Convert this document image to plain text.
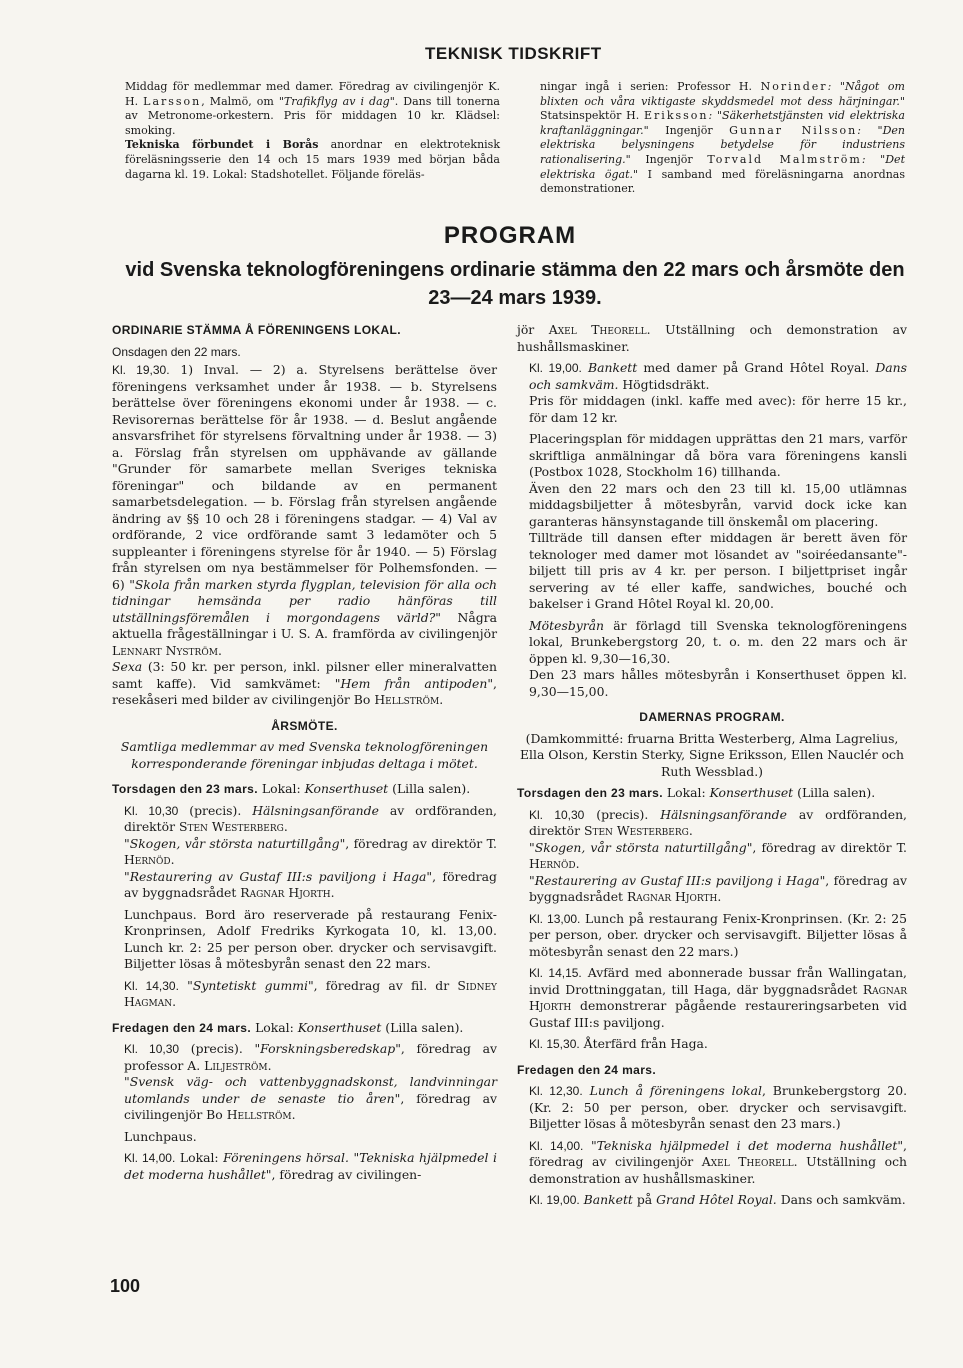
TEKNISK TIDSKRIFT

Middag för medlemmar med damer. Föredrag av civilingenjör K. H. Larsson, Malmö, om "Trafikflyg av i dag". Dans till tonerna av Metronome-orkestern. Pris för middagen 10 kr. Klädsel: smoking.

Tekniska förbundet i Borås anordnar en elektroteknisk föreläsningsserie den 14 och 15 mars 1939 med början båda dagarna kl. 19. Lokal: Stadshotellet. Följande föreläs-

ningar ingå i serien: Professor H. Norinder: "Något om blixten och våra viktigaste skyddsmedel mot dess härjningar." Statsinspektör H. Eriksson: "Säkerhetstjänsten vid elektriska kraftanläggningar." Ingenjör Gunnar Nilsson: "Den elektriska belysningens betydelse för industriens rationalisering." Ingenjör Torvald Malmström: "Det elektriska ögat." I samband med föreläsningarna anordnas demonstrationer.

PROGRAM
vid Svenska teknologföreningens ordinarie stämma den 22 mars och årsmöte den 23—24 mars 1939.

ORDINARIE STÄMMA Å FÖRENINGENS LOKAL.

Onsdagen den 22 mars.

Kl. 19,30. 1) Inval. — 2) a. Styrelsens berättelse över föreningens verksamhet under år 1938. — b. Styrelsens berättelse över föreningens ekonomi under år 1938. — c. Revisorernas berättelse för år 1938. — d. Beslut angående ansvarsfrihet för styrelsens förvaltning under år 1938. — 3) a. Förslag från styrelsen om upphävande av gällande "Grunder för samarbete mellan Sveriges tekniska föreningar" och bildande av en permanent samarbetsdelegation. — b. Förslag från styrelsen angående ändring av §§ 10 och 28 i föreningens stadgar. — 4) Val av ordförande, 2 vice ordförande samt 3 ledamöter och 5 suppleanter i föreningens styrelse för år 1940. — 5) Förslag från styrelsen om nya bestämmelser för Polhemsfonden. — 6) "Skola från marken styrda flygplan, television för alla och tidningar hemsända per radio hänföras till utställningsföremålen i morgondagens värld?" Några aktuella frågeställningar i U. S. A. framförda av civilingenjör Lennart Nyström.
Sexa (3: 50 kr. per person, inkl. pilsner eller mineralvatten samt kaffe). Vid samkvämet: "Hem från antipoden", resekåseri med bilder av civilingenjör Bo Hellström.

ÅRSMÖTE.

Samtliga medlemmar av med Svenska teknologföreningen korresponderande föreningar inbjudas deltaga i mötet.

Torsdagen den 23 mars. Lokal: Konserthuset (Lilla salen).

Kl. 10,30 (precis). Hälsningsanförande av ordföranden, direktör Sten Westerberg.
"Skogen, vår största naturtillgång", föredrag av direktör T. Hernöd.
"Restaurering av Gustaf III:s paviljong i Haga", föredrag av byggnadsrådet Ragnar Hjorth.

Lunchpaus. Bord äro reserverade på restaurang Fenix-Kronprinsen, Adolf Fredriks Kyrkogata 10, kl. 13,00. Lunch kr. 2: 25 per person ober. drycker och servisavgift. Biljetter lösas å mötesbyrån senast den 22 mars.

Kl. 14,30. "Syntetiskt gummi", föredrag av fil. dr Sidney Hagman.

Fredagen den 24 mars. Lokal: Konserthuset (Lilla salen).

Kl. 10,30 (precis). "Forskningsberedskap", föredrag av professor A. Liljeström.
"Svensk väg- och vattenbyggnadskonst, landvinningar utomlands under de senaste tio åren", föredrag av civilingenjör Bo Hellström.

Lunchpaus.

Kl. 14,00. Lokal: Föreningens hörsal. "Tekniska hjälpmedel i det moderna hushållet", föredrag av civilingen-

jör Axel Theorell. Utställning och demonstration av hushållsmaskiner.

Kl. 19,00. Bankett med damer på Grand Hôtel Royal. Dans och samkväm. Högtidsdräkt.
Pris för middagen (inkl. kaffe med avec): för herre 15 kr., för dam 12 kr.

Placeringsplan för middagen upprättas den 21 mars, varför skriftliga anmälningar då böra vara föreningens kansli (Postbox 1028, Stockholm 16) tillhanda.
Även den 22 mars och den 23 till kl. 15,00 utlämnas middagsbiljetter å mötesbyrån, varvid dock icke kan garanteras hänsynstagande till önskemål om placering.
Tillträde till dansen efter middagen är berett även för teknologer med damer mot lösandet av "soiréedansante"-biljett till pris av 4 kr. per person. I biljettpriset ingår servering av té eller kaffe, sandwiches, bouché och bakelser i Grand Hôtel Royal kl. 20,00.

Mötesbyrån är förlagd till Svenska teknologföreningens lokal, Brunkebergstorg 20, t. o. m. den 22 mars och är öppen kl. 9,30—16,30.
Den 23 mars hålles mötesbyrån i Konserthuset öppen kl. 9,30—15,00.

DAMERNAS PROGRAM.

(Damkommitté: fruarna Britta Westerberg, Alma Lagrelius, Ella Olson, Kerstin Sterky, Signe Eriksson, Ellen Nauclér och Ruth Wessblad.)

Torsdagen den 23 mars. Lokal: Konserthuset (Lilla salen).

Kl. 10,30 (precis). Hälsningsanförande av ordföranden, direktör Sten Westerberg.
"Skogen, vår största naturtillgång", föredrag av direktör T. Hernöd.
"Restaurering av Gustaf III:s paviljong i Haga", föredrag av byggnadsrådet Ragnar Hjorth.

Kl. 13,00. Lunch på restaurang Fenix-Kronprinsen. (Kr. 2: 25 per person, ober. drycker och servisavgift. Biljetter lösas å mötesbyrån senast den 22 mars.)

Kl. 14,15. Avfärd med abonnerade bussar från Wallingatan, invid Drottninggatan, till Haga, där byggnadsrådet Ragnar Hjorth demonstrerar pågående restaureringsarbeten vid Gustaf III:s paviljong.

Kl. 15,30. Återfärd från Haga.

Fredagen den 24 mars.

Kl. 12,30. Lunch å föreningens lokal, Brunkebergstorg 20. (Kr. 2: 50 per person, ober. drycker och servisavgift. Biljetter lösas å mötesbyrån senast den 23 mars.)

Kl. 14,00. "Tekniska hjälpmedel i det moderna hushållet", föredrag av civilingenjör Axel Theorell. Utställning och demonstration av hushållsmaskiner.

Kl. 19,00. Bankett på Grand Hôtel Royal. Dans och samkväm.

100
